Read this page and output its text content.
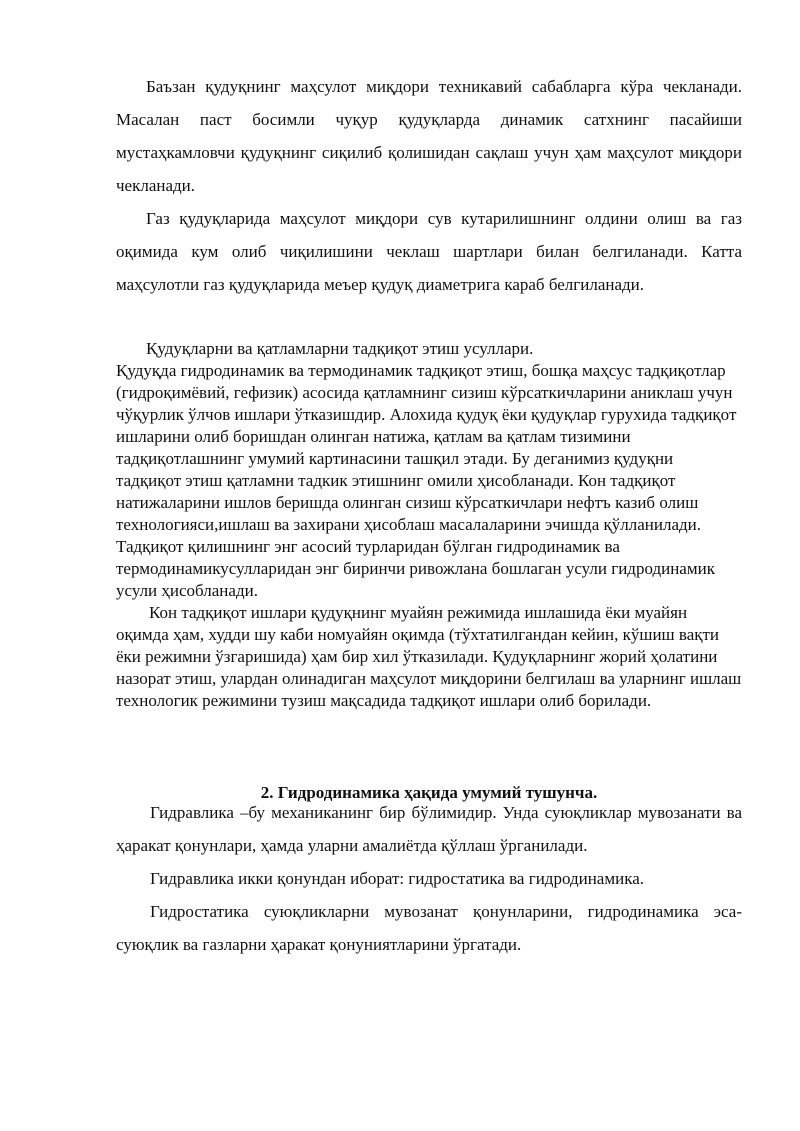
Баъзан қудуқнинг маҳсулот миқдори техникавий сабабларга кўра чекланади. Масалан паст босимли чуқур қудуқларда динамик сатхнинг пасайиши мустаҳкамловчи қудуқнинг сиқилиб қолишидан сақлаш учун ҳам маҳсулот миқдори чекланади.

Газ қудуқларида маҳсулот миқдори сув кутарилишнинг олдини олиш ва газ оқимида кум олиб чиқилишини чеклаш шартлари билан белгиланади. Катта маҳсулотли газ қудуқларида меъер қудуқ диаметрига караб белгиланади.

Қудуқларни ва қатламларни тадқиқот этиш усуллари.

Қудуқда гидродинамик ва термодинамик тадқиқот этиш, бошқа маҳсус тадқиқотлар (гидроқимёвий, гефизик) асосида қатламнинг сизиш кўрсаткичларини аниклаш учун чўқурлик ўлчов ишлари ўтказишдир. Алохида қудуқ ёки қудуқлар гурухида тадқиқот ишларини олиб боришдан олинган натижа, қатлам ва қатлам тизимини тадқиқотлашнинг умумий картинасини ташқил этади. Бу деганимиз қудуқни тадқиқот этиш қатламни тадкик этишнинг омили ҳисобланади. Кон тадқиқот натижаларини ишлов беришда олинган сизиш кўрсаткичлари нефтъ казиб олиш технологияси,ишлаш ва захирани ҳисоблаш масалаларини эчишда қўлланилади.

Тадқиқот қилишнинг энг асосий турларидан бўлган гидродинамик ва термодинамикусулларидан энг биринчи ривожлана бошлаган усули гидродинамик усули ҳисобланади.

Кон тадқиқот ишлари қудуқнинг муайян режимида ишлашида ёки муайян оқимда ҳам, худди шу каби номуайян оқимда (тўхтатилгандан кейин, кўшиш вақти ёки режимни ўзгаришида) ҳам бир хил ўтказилади. Қудуқларнинг жорий ҳолатини назорат этиш, улардан олинадиган маҳсулот миқдорини белгилаш ва уларнинг ишлаш технологик режимини тузиш мақсадида тадқиқот ишлари олиб борилади.

2. Гидродинамика ҳақида умумий тушунча.

Гидравлика –бу механиканинг бир бўлимидир. Унда суюқликлар мувозанати ва ҳаракат қонунлари, ҳамда уларни амалиётда қўллаш ўрганилади.

Гидравлика икки қонундан иборат: гидростатика ва гидродинамика.

Гидростатика суюқликларни мувозанат қонунларини, гидродинамика эса-суюқлик ва газларни ҳаракат қонуниятларини ўргатади.
